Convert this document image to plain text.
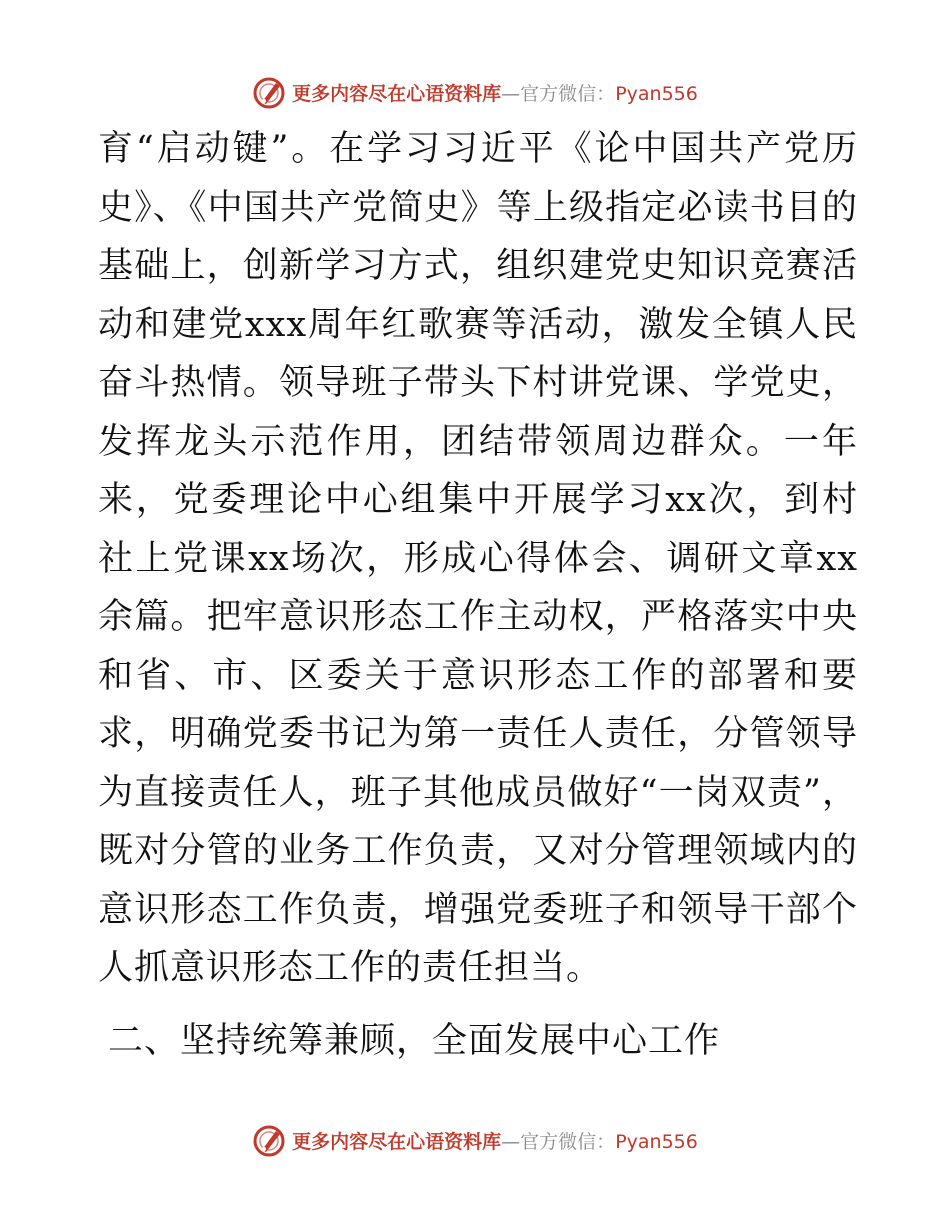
更多内容尽在心语资料库—官方微信：Pyan556

育“启动键”。在学习习近平《论中国共产党历史》、《中国共产党简史》等上级指定必读书目的基础上，创新学习方式，组织建党史知识竞赛活动和建党xxx周年红歌赛等活动，激发全镇人民奋斗热情。领导班子带头下村讲党课、学党史，发挥龙头示范作用，团结带领周边群众。一年来，党委理论中心组集中开展学习xx次，到村社上党课xx场次，形成心得体会、调研文章xx余篇。把牢意识形态工作主动权，严格落实中央和省、市、区委关于意识形态工作的部署和要求，明确党委书记为第一责任人责任，分管领导为直接责任人，班子其他成员做好“一岗双责”，既对分管的业务工作负责，又对分管理领域内的意识形态工作负责，增强党委班子和领导干部个人抓意识形态工作的责任担当。

二、坚持统筹兼顾，全面发展中心工作
更多内容尽在心语资料库—官方微信：Pyan556
